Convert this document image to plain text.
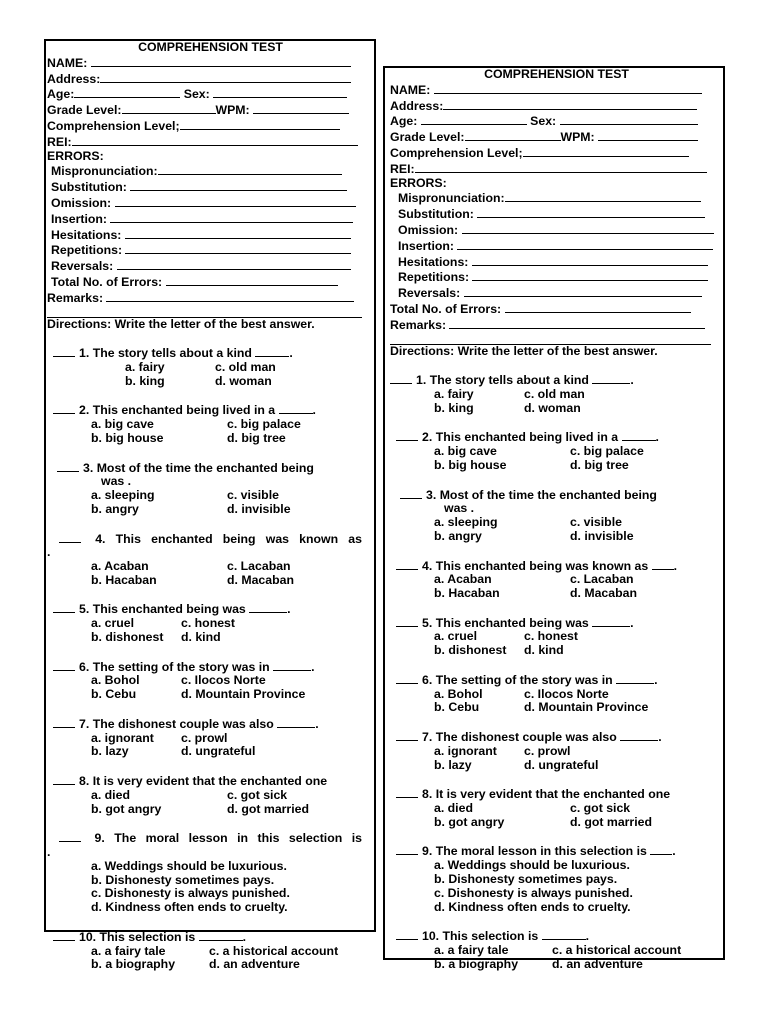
COMPREHENSION TEST

NAME:

Address:

Age:	Sex:

Grade Level:	WPM:

Comprehension Level;

REI:

ERRORS:

Mispronunciation:

Substitution:

Omission:

Insertion:

Hesitations:

Repetitions:

Reversals:

Total No. of Errors:

Remarks:

Directions: Write the letter of the best answer.

1. The story tells about a kind	.

a. fairy	c. old man
b. king	d. woman

2. This enchanted being lived in a	.

a. big cave	c. big palace
b. big house	d. big tree

3. Most of the time the enchanted being

was .

a. sleeping	c. visible
b. angry	d. invisible

4. This enchanted being was known as

.

a. Acaban	c. Lacaban
b. Hacaban	d. Macaban

5. This enchanted being was	.

a. cruel	c. honest
b. dishonest	d. kind

6. The setting of the story was in	.

a. Bohol	c. Ilocos Norte
b. Cebu	d. Mountain Province

7. The dishonest couple was also	.

a. ignorant	c. prowl
b. lazy	d. ungrateful

8. It is very evident that the enchanted one

a. died	c. got sick
b. got angry	d. got married

9. The moral lesson in this selection is

.

a. Weddings should be luxurious.
b. Dishonesty sometimes pays.
c. Dishonesty is always punished.
d. Kindness often ends to cruelty.

10. This selection is	.

a. a fairy tale	c. a historical account
b. a biography	d. an adventure

COMPREHENSION TEST

NAME:

Address:

Age:	Sex:

Grade Level:	WPM:

Comprehension Level;

REI:

ERRORS:

Mispronunciation:

Substitution:

Omission:

Insertion:

Hesitations:

Repetitions:

Reversals:

Total No. of Errors:

Remarks:

Directions: Write the letter of the best answer.

1. The story tells about a kind	.

a. fairy	c. old man
b. king	d. woman

2. This enchanted being lived in a	.

a. big cave	c. big palace
b. big house	d. big tree

3. Most of the time the enchanted being

was .

a. sleeping	c. visible
b. angry	d. invisible

4. This enchanted being was known as .

a. Acaban	c. Lacaban
b. Hacaban	d. Macaban

5. This enchanted being was	.

a. cruel	c. honest
b. dishonest	d. kind

6. The setting of the story was in	.

a. Bohol	c. Ilocos Norte
b. Cebu	d. Mountain Province

7. The dishonest couple was also	.

a. ignorant	c. prowl
b. lazy	d. ungrateful

8. It is very evident that the enchanted one

a. died	c. got sick
b. got angry	d. got married

9. The moral lesson in this selection is .

a. Weddings should be luxurious.
b. Dishonesty sometimes pays.
c. Dishonesty is always punished.
d. Kindness often ends to cruelty.

10. This selection is	.

a. a fairy tale	c. a historical account
b. a biography	d. an adventure
